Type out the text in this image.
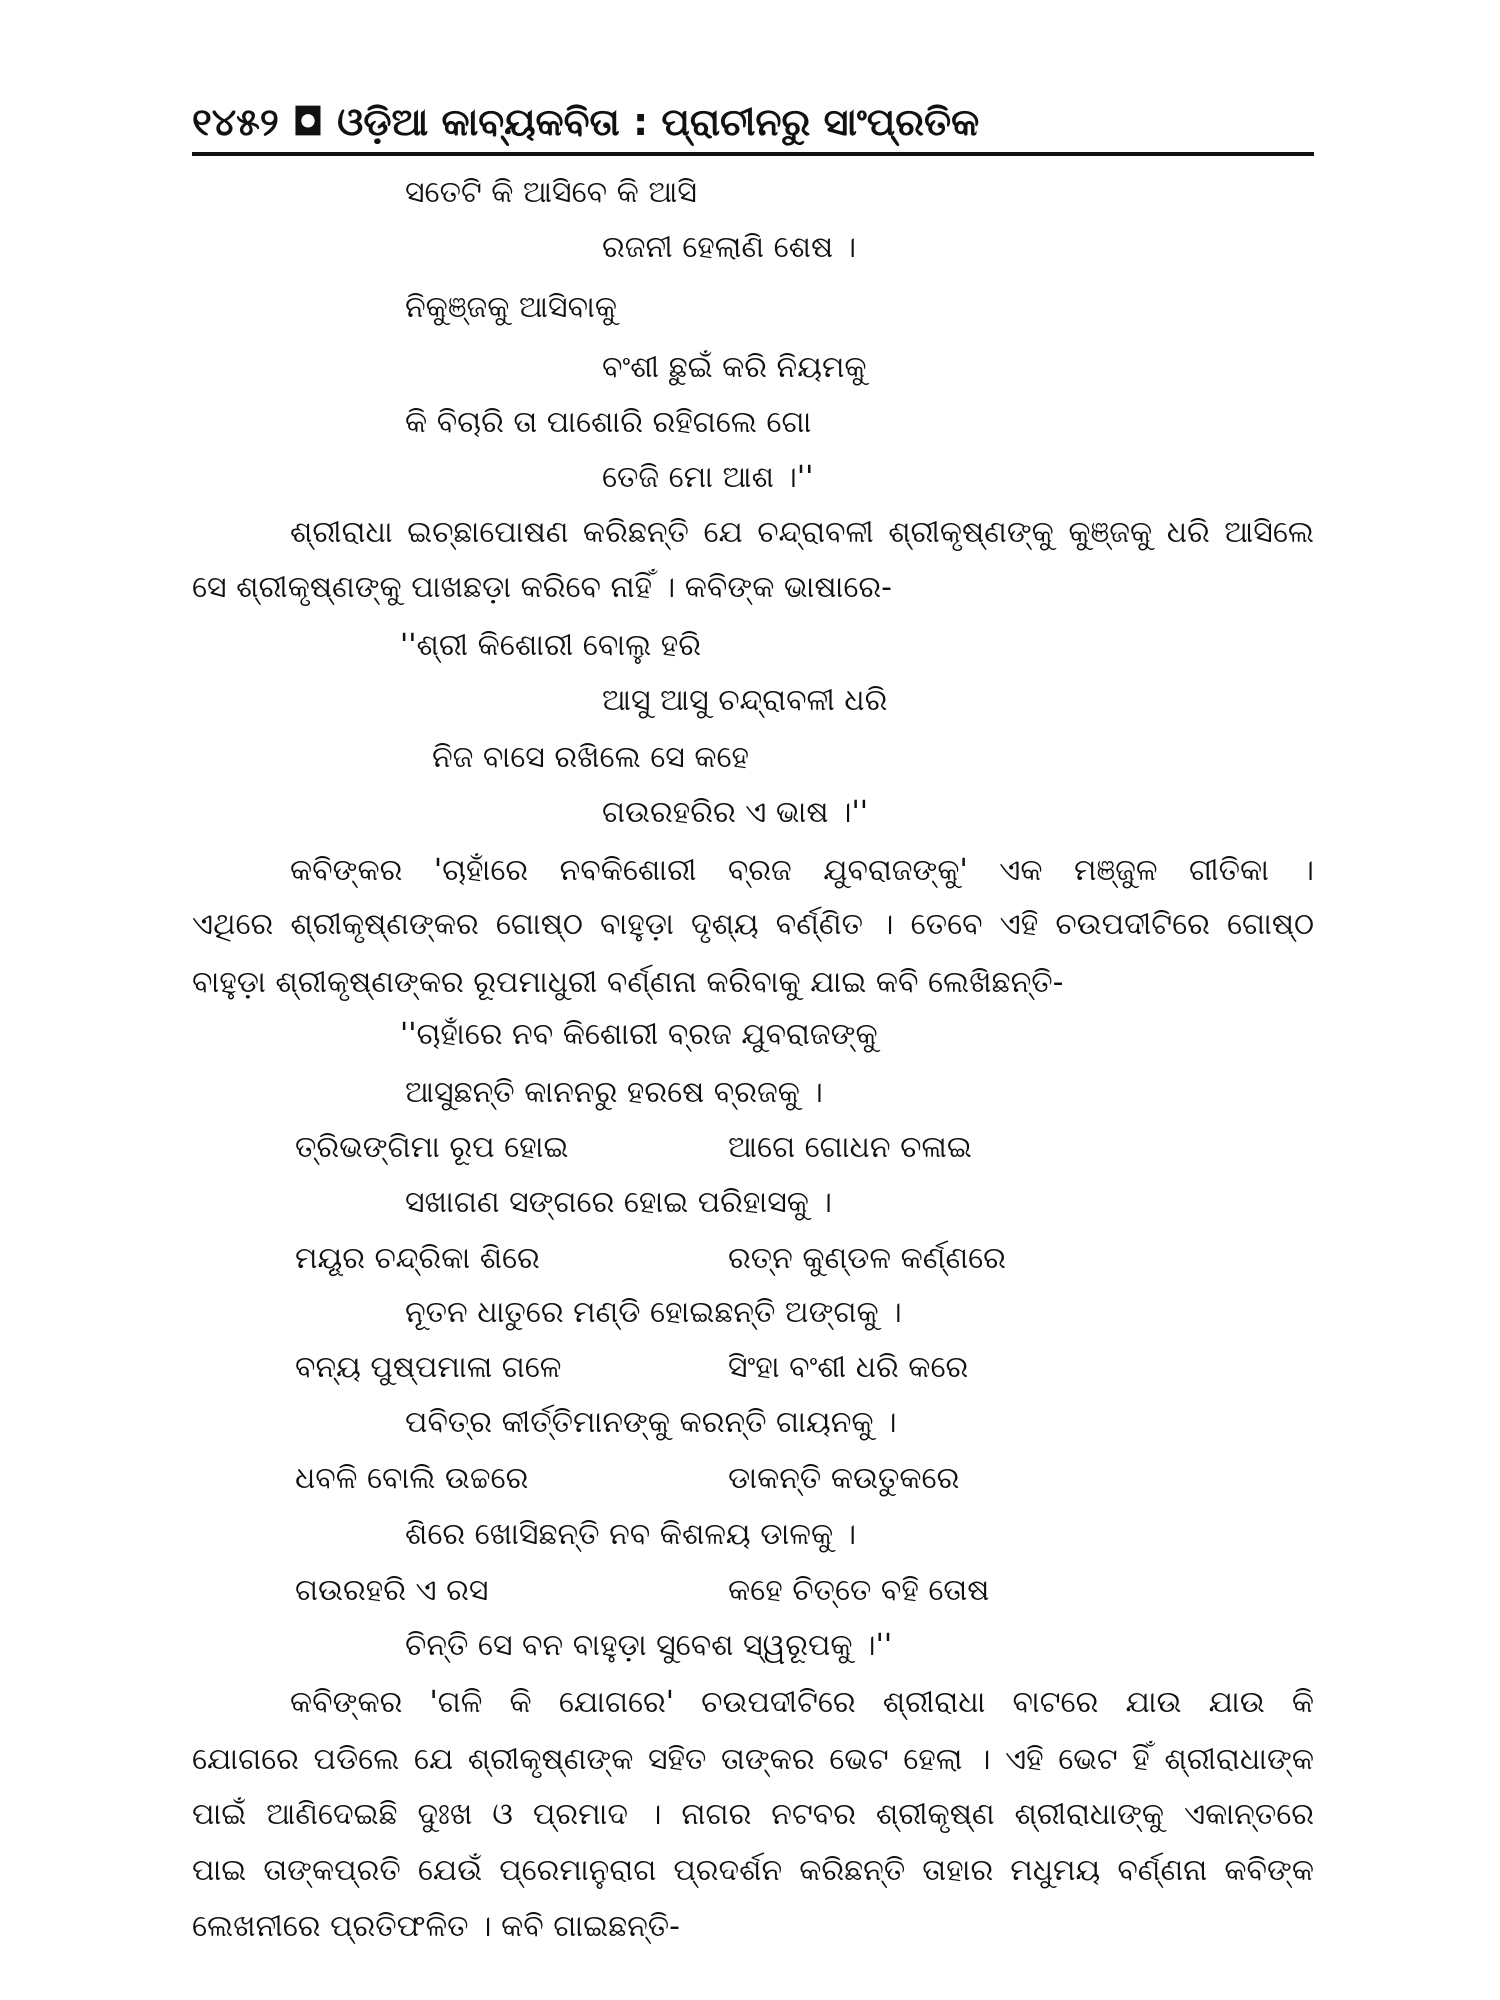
୧୪୫୨ ◘ ଓଡ଼ିଆ କାବ୍ୟକବିତା : ପ୍ରାଚୀନରୁ ସାଂପ୍ରତିକ
ସତେଟି କି ଆସିବେ କି ଆସି
ରଜନୀ ହେଲାଣି ଶେଷ ।
ନିକୁଞ୍ଜକୁ ଆସିବାକୁ
ବଂଶୀ ଛୁଇଁ କରି ନିୟମକୁ
କି ବିଚାରି ତା ପାଶୋରି ରହିଗଲେ ଗୋ
ତେଜି ମୋ ଆଶ ।''
ଶ୍ରୀରାଧା ଇଚ୍ଛାପୋଷଣ କରିଛନ୍ତି ଯେ ଚନ୍ଦ୍ରାବଳୀ ଶ୍ରୀକୃଷ୍ଣଙ୍କୁ କୁଞ୍ଜକୁ ଧରି ଆସିଲେ
ସେ ଶ୍ରୀକୃଷ୍ଣଙ୍କୁ ପାଖଛଡ଼ା କରିବେ ନାହିଁ । କବିଙ୍କ ଭାଷାରେ-
''ଶ୍ରୀ କିଶୋରୀ ବୋଲୁ ହରି
ଆସୁ ଆସୁ ଚନ୍ଦ୍ରାବଳୀ ଧରି
ନିଜ ବାସେ ରଖିଲେ ସେ କହେ
ଗଉରହରିର ଏ ଭାଷ ।''
କବିଙ୍କର 'ଚାହାଁରେ ନବକିଶୋରୀ ବ୍ରଜ ଯୁବରାଜଙ୍କୁ' ଏକ ମଞ୍ଜୁଳ ଗୀତିକା ।
ଏଥିରେ ଶ୍ରୀକୃଷ୍ଣଙ୍କର ଗୋଷ୍ଠ ବାହୁଡ଼ା ଦୃଶ୍ୟ ବର୍ଣ୍ଣିତ । ତେବେ ଏହି ଚଉପଦୀଟିରେ ଗୋଷ୍ଠ
ବାହୁଡ଼ା ଶ୍ରୀକୃଷ୍ଣଙ୍କର ରୂପମାଧୁରୀ ବର୍ଣ୍ଣନା କରିବାକୁ ଯାଇ କବି ଲେଖିଛନ୍ତି-
''ଚାହାଁରେ ନବ କିଶୋରୀ ବ୍ରଜ ଯୁବରାଜଙ୍କୁ
ଆସୁଛନ୍ତି କାନନରୁ ହରଷେ ବ୍ରଜକୁ ।
ତ୍ରିଭଙ୍ଗିମା ରୂପ ହୋଇ	ଆଗେ ଗୋଧନ ଚଳାଇ
ସଖାଗଣ ସଙ୍ଗରେ ହୋଇ ପରିହାସକୁ ।
ମୟୂର ଚନ୍ଦ୍ରିକା ଶିରେ	ରତ୍ନ କୁଣ୍ଡଳ କର୍ଣ୍ଣରେ
ନୂତନ ଧାତୁରେ ମଣ୍ଡି ହୋଇଛନ୍ତି ଅଙ୍ଗକୁ ।
ବନ୍ୟ ପୁଷ୍ପମାଳା ଗଳେ	ସିଂହା ବଂଶୀ ଧରି କରେ
ପବିତ୍ର କୀର୍ତ୍ତିମାନଙ୍କୁ କରନ୍ତି ଗାୟନକୁ ।
ଧବଳି ବୋଲି ଉଚ୍ଚରେ	ଡାକନ୍ତି କଉତୁକରେ
ଶିରେ ଖୋସିଛନ୍ତି ନବ କିଶଳୟ ଡାଳକୁ ।
ଗଉରହରି ଏ ରସ	କହେ ଚିତ୍ତେ ବହି ତୋଷ
ଚିନ୍ତି ସେ ବନ ବାହୁଡ଼ା ସୁବେଶ ସ୍ୱରୂପକୁ ।''
କବିଙ୍କର 'ଗଳି କି ଯୋଗରେ' ଚଉପଦୀଟିରେ ଶ୍ରୀରାଧା ବାଟରେ ଯାଉ ଯାଉ କି
ଯୋଗରେ ପଡିଲେ ଯେ ଶ୍ରୀକୃଷ୍ଣଙ୍କ ସହିତ ତାଙ୍କର ଭେଟ ହେଲା । ଏହି ଭେଟ ହିଁ ଶ୍ରୀରାଧାଙ୍କ
ପାଇଁ ଆଣିଦେଇଛି ଦୁଃଖ ଓ ପ୍ରମାଦ । ନାଗର ନଟବର ଶ୍ରୀକୃଷ୍ଣ ଶ୍ରୀରାଧାଙ୍କୁ ଏକାନ୍ତରେ
ପାଇ ତାଙ୍କପ୍ରତି ଯେଉଁ ପ୍ରେମାନୁରାଗ ପ୍ରଦର୍ଶନ କରିଛନ୍ତି ତାହାର ମଧୁମୟ ବର୍ଣ୍ଣନା କବିଙ୍କ
ଲେଖନୀରେ ପ୍ରତିଫଳିତ । କବି ଗାଇଛନ୍ତି-
